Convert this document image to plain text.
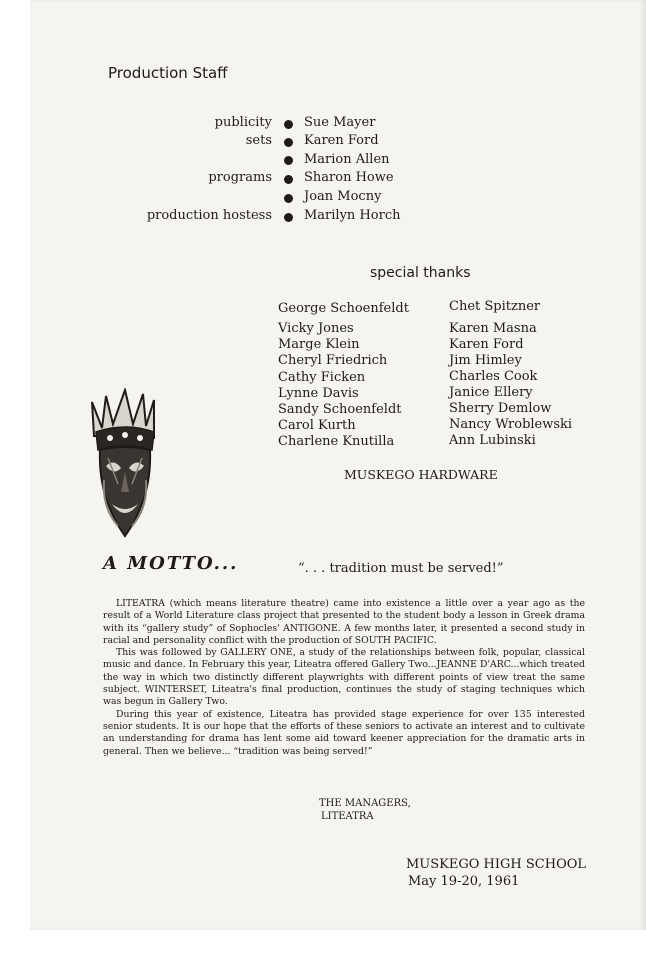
Production Staff
publicity Sue Mayer
sets Karen Ford
Marion Allen
programs Sharon Howe
Joan Mocny
production hostess Marilyn Horch
special thanks
George Schoenfeldt
Vicky Jones
Marge Klein
Cheryl Friedrich
Cathy Ficken
Lynne Davis
Sandy Schoenfeldt
Carol Kurth
Charlene Knutilla
Chet Spitzner
Karen Masna
Karen Ford
Jim Himley
Charles Cook
Janice Ellery
Sherry Demlow
Nancy Wroblewski
Ann Lubinski
MUSKEGO HARDWARE
A MOTTO...	“. . . tradition must be served!”

LITEATRA (which means literature theatre) came into existence a little over a year ago as the result of a World Literature class project that presented to the student body a lesson in Greek drama with its “gallery study” of Sophocles' ANTIGONE. A few months later, it presented a second study in racial and personality conflict with the production of SOUTH PACIFIC.

This was followed by GALLERY ONE, a study of the relationships between folk, popular, classical music and dance. In February this year, Liteatra offered Gallery Two...JEANNE D'ARC...which treated the way in which two distinctly different playwrights with different points of view treat the same subject. WINTERSET, Liteatra's final production, continues the study of staging techniques which was begun in Gallery Two.

During this year of existence, Liteatra has provided stage experience for over 135 interested senior students. It is our hope that the efforts of these seniors to activate an interest and to cultivate an understanding for drama has lent some aid toward keener appreciation for the dramatic arts in general. Then we believe... “tradition was being served!”

THE MANAGERS,
LITEATRA
MUSKEGO HIGH SCHOOL
May 19-20, 1961
